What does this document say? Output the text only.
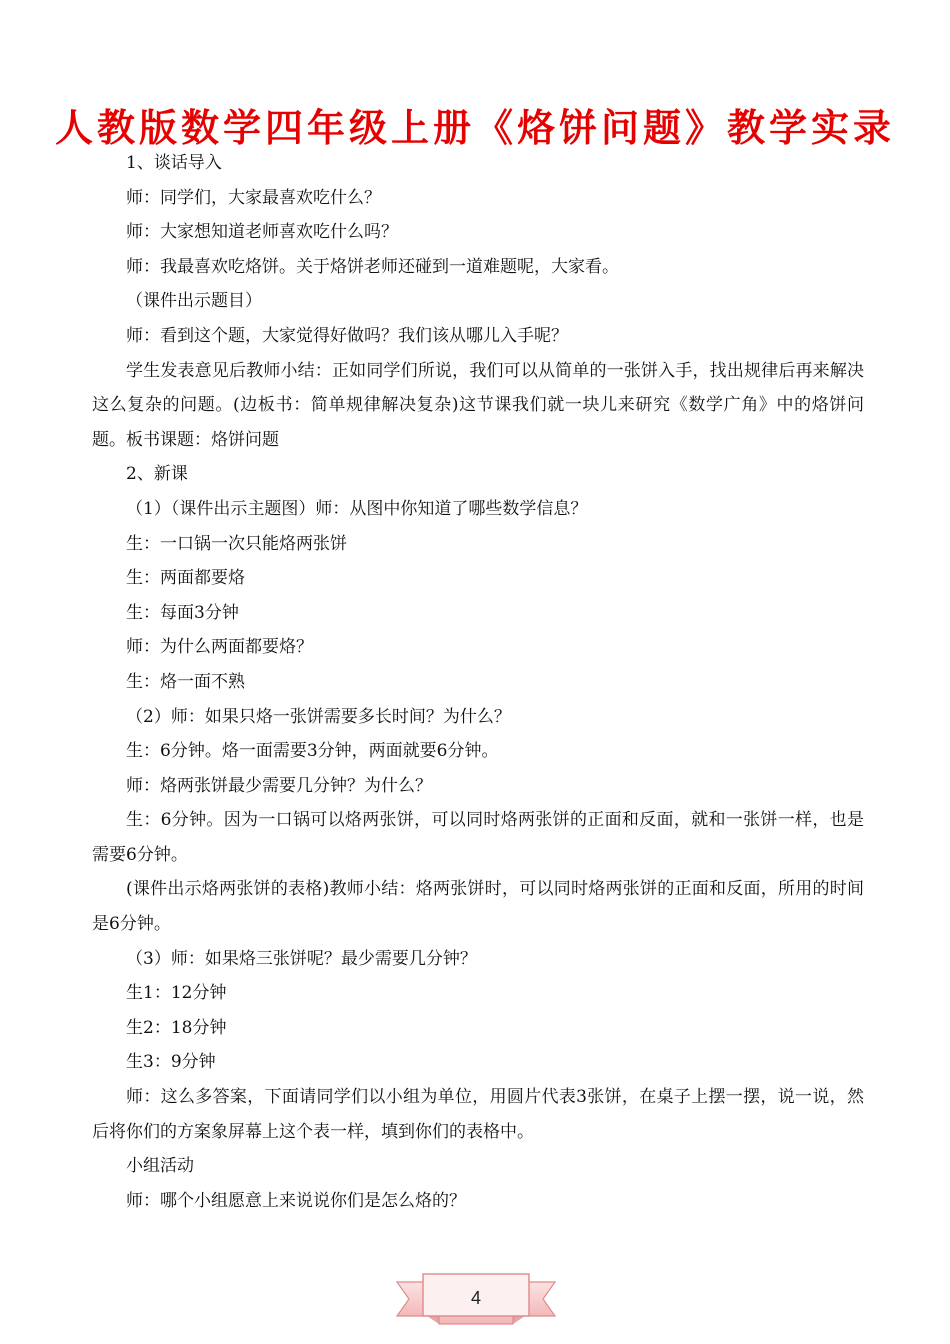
人教版数学四年级上册《烙饼问题》教学实录

1、谈话导入

师：同学们，大家最喜欢吃什么？

师：大家想知道老师喜欢吃什么吗？

师：我最喜欢吃烙饼。关于烙饼老师还碰到一道难题呢，大家看。

（课件出示题目）

师：看到这个题，大家觉得好做吗？我们该从哪儿入手呢？

学生发表意见后教师小结：正如同学们所说，我们可以从简单的一张饼入手，找出规律后再来解决这么复杂的问题。(边板书：简单规律解决复杂)这节课我们就一块儿来研究《数学广角》中的烙饼问题。板书课题：烙饼问题

2、新课

（1）（课件出示主题图）师：从图中你知道了哪些数学信息？

生：一口锅一次只能烙两张饼

生：两面都要烙

生：每面3分钟

师：为什么两面都要烙？

生：烙一面不熟

（2）师：如果只烙一张饼需要多长时间？为什么？

生：6分钟。烙一面需要3分钟，两面就要6分钟。

师：烙两张饼最少需要几分钟？为什么？

生：6分钟。因为一口锅可以烙两张饼，可以同时烙两张饼的正面和反面，就和一张饼一样，也是需要6分钟。

(课件出示烙两张饼的表格)教师小结：烙两张饼时，可以同时烙两张饼的正面和反面，所用的时间是6分钟。

（3）师：如果烙三张饼呢？最少需要几分钟？

生1：12分钟

生2：18分钟

生3：9分钟

师：这么多答案，下面请同学们以小组为单位，用圆片代表3张饼，在桌子上摆一摆，说一说，然后将你们的方案象屏幕上这个表一样，填到你们的表格中。

小组活动

师：哪个小组愿意上来说说你们是怎么烙的？

4
